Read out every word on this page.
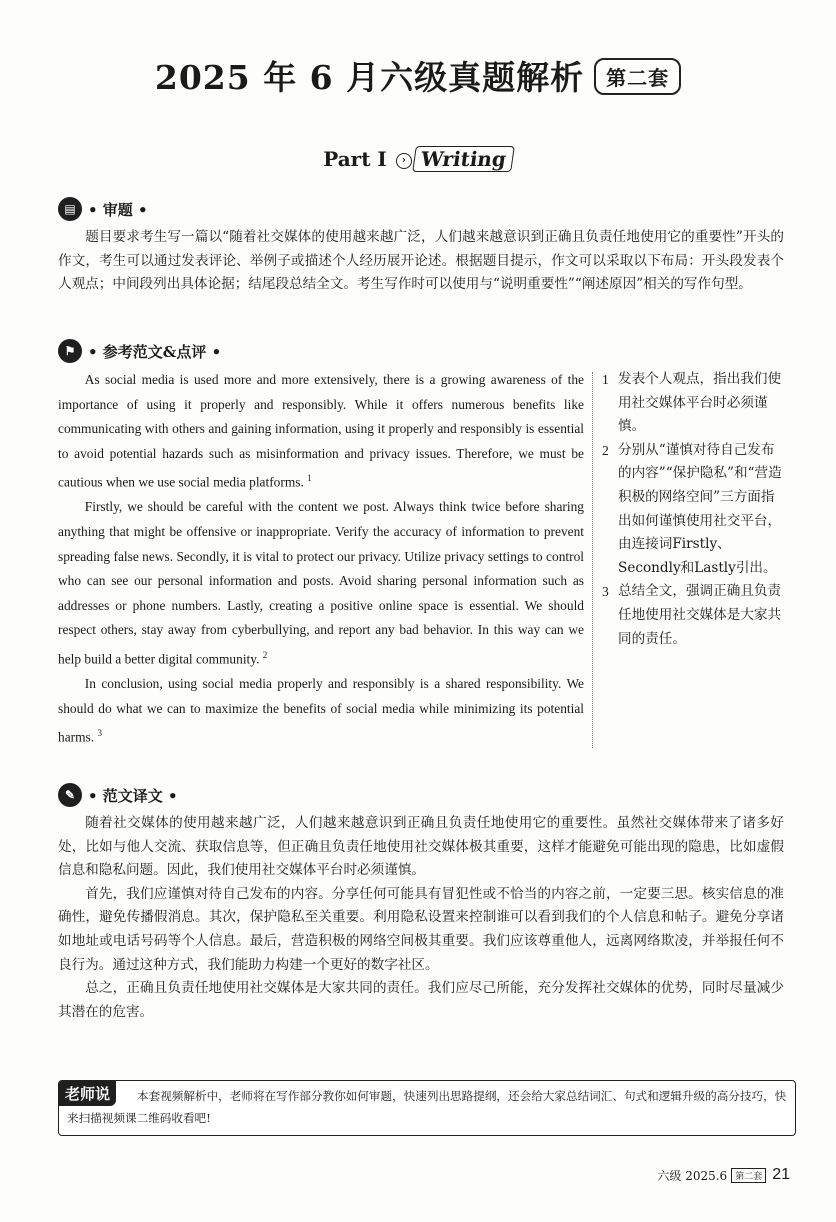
2025 年 6 月六级真题解析 第二套
Part I › Writing
▤ • 审题 •

题目要求考生写一篇以“随着社交媒体的使用越来越广泛，人们越来越意识到正确且负责任地使用它的重要性”开头的作文，考生可以通过发表评论、举例子或描述个人经历展开论述。根据题目提示，作文可以采取以下布局：开头段发表个人观点；中间段列出具体论据；结尾段总结全文。考生写作时可以使用与“说明重要性”“阐述原因”相关的写作句型。

⚑ • 参考范文&点评 •

As social media is used more and more extensively, there is a growing awareness of the importance of using it properly and responsibly. While it offers numerous benefits like communicating with others and gaining information, using it properly and responsibly is essential to avoid potential hazards such as misinformation and privacy issues. Therefore, we must be cautious when we use social media platforms. $^1$

Firstly, we should be careful with the content we post. Always think twice before sharing anything that might be offensive or inappropriate. Verify the accuracy of information to prevent spreading false news. Secondly, it is vital to protect our privacy. Utilize privacy settings to control who can see our personal information and posts. Avoid sharing personal information such as addresses or phone numbers. Lastly, creating a positive online space is essential. We should respect others, stay away from cyberbullying, and report any bad behavior. In this way can we help build a better digital community. $^2$

In conclusion, using social media properly and responsibly is a shared responsibility. We should do what we can to maximize the benefits of social media while minimizing its potential harms. $^3$

1 发表个人观点，指出我们使用社交媒体平台时必须谨慎。
2 分别从“谨慎对待自己发布的内容”“保护隐私”和“营造积极的网络空间”三方面指出如何谨慎使用社交平台，由连接词Firstly、Secondly和Lastly引出。
3 总结全文，强调正确且负责任地使用社交媒体是大家共同的责任。
✎ • 范文译文 •

随着社交媒体的使用越来越广泛，人们越来越意识到正确且负责任地使用它的重要性。虽然社交媒体带来了诸多好处，比如与他人交流、获取信息等，但正确且负责任地使用社交媒体极其重要，这样才能避免可能出现的隐患，比如虚假信息和隐私问题。因此，我们使用社交媒体平台时必须谨慎。

首先，我们应谨慎对待自己发布的内容。分享任何可能具有冒犯性或不恰当的内容之前，一定要三思。核实信息的准确性，避免传播假消息。其次，保护隐私至关重要。利用隐私设置来控制谁可以看到我们的个人信息和帖子。避免分享诸如地址或电话号码等个人信息。最后，营造积极的网络空间极其重要。我们应该尊重他人，远离网络欺凌，并举报任何不良行为。通过这种方式，我们能助力构建一个更好的数字社区。

总之，正确且负责任地使用社交媒体是大家共同的责任。我们应尽己所能，充分发挥社交媒体的优势，同时尽量减少其潜在的危害。

本套视频解析中，老师将在写作部分教你如何审题，快速列出思路提纲，还会给大家总结词汇、句式和逻辑升级的高分技巧，快来扫描视频课二维码收看吧!
老师说
六级 2025.6 第二套 21
